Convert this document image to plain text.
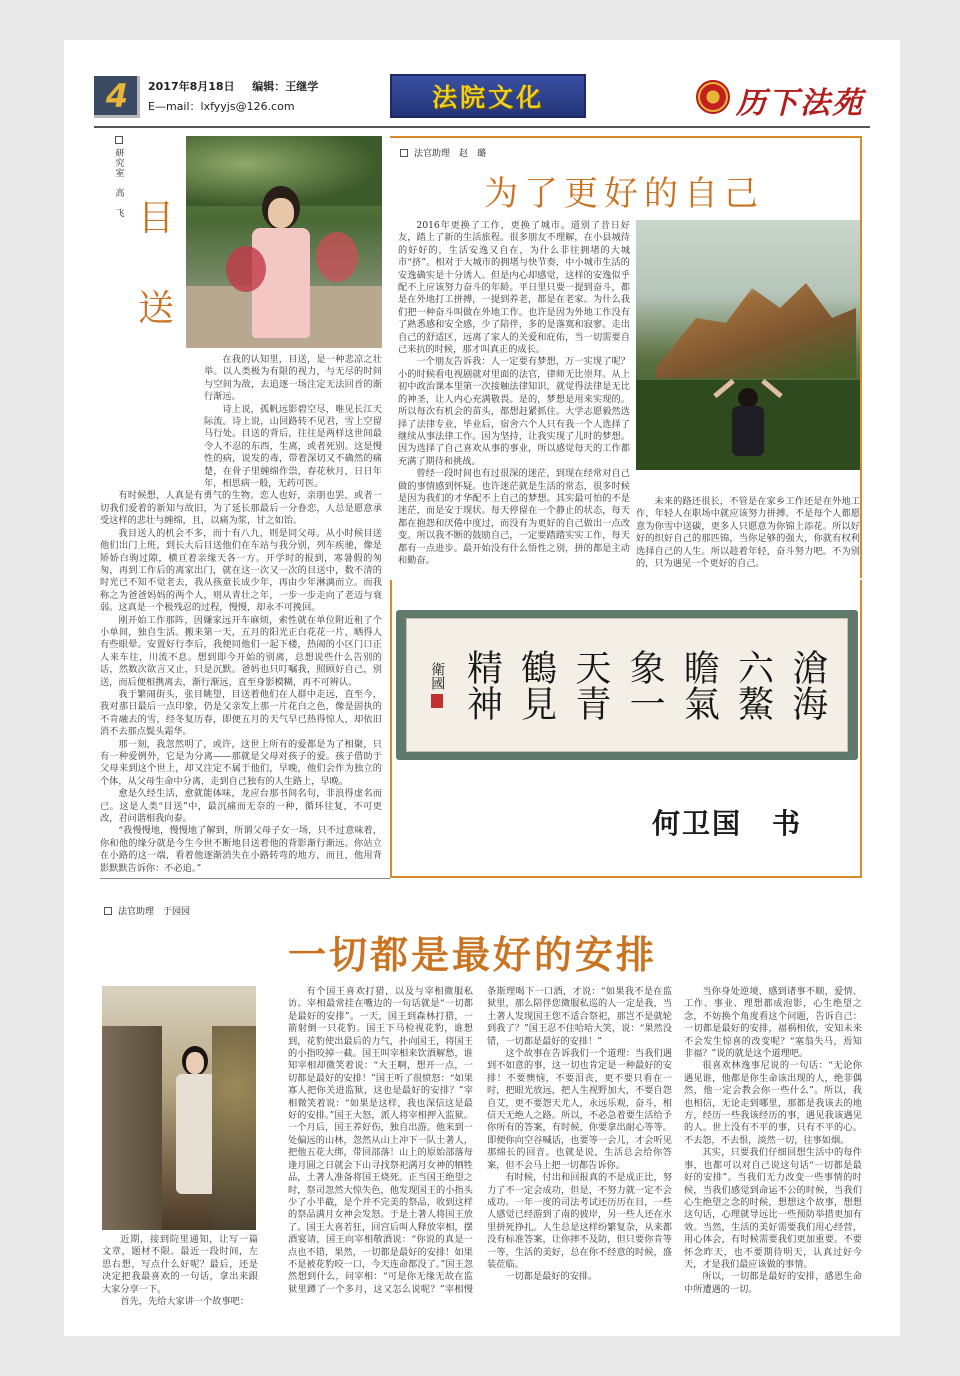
4	2017年8月18日 编辑：王继学
E—mail：lxfyyjs@126.com	法院文化	历下法苑
研究室　高　飞
目
送

在我的认知里，目送，是一种悲凉之壮举。以人类极为有限的视力，与无尽的时间与空间为敌，去追逐一场注定无法回首的渐行渐远。

诗上说，孤帆远影碧空尽，唯见长江天际流。诗上说，山回路转不见君，雪上空留马行处。目送的背后，往往是两样这世间最令人不忍的东西，生离，或者死别。这是慢性的病，说发的毒，带着深切又不确然的痛楚，在骨子里缠绵作祟，春花秋月，日日年年，相思病一般，无药可医。

有时候想，人真是有勇气的生物。恋人也好，亲朋也罢，或者一切我们爱着的新知与故旧，为了延长那最后一分眷恋，人总是愿意承受这样的悲壮与缠绵，且，以痛为浆，甘之如饴。

我目送人的机会不多，而十有八九，则是同父母。从小时候目送他们出门上班，到长大后目送他们在车站与我分别，列车疾驰，像是矫娇白驹过隙，横亘着亲缘天各一方。开学时的报到，寒暑假的匆匆，再到工作后的离家出门，就在这一次又一次的目送中，数不清的时光已不知不觉老去，我从孩童长成少年，再由少年淋漓而立。而我称之为爸爸妈妈的两个人，则从青壮之年，一步一步走向了老迈与衰弱。这真是一个极残忍的过程，慢慢，却永不可挽回。

刚开始工作那阵，因嫌家远开车麻烦，索性就在单位附近租了个小单间，独自生活。搬来第一天，五月的阳光正白花花一片，晒得人有些眼晕。安置好行李后，我便同他们一起下楼，热闹的小区门口正人来车往，川流不息。想到即今开始的别离，总想说些什么告别的话，然数次欲言又止，只是沉默。爸妈也只叮嘱我，照顾好自己，别送，而后便相携离去，渐行渐远，直至身影模糊，再不可辨认。

我于繁闹街头，张目眺望，目送着他们在人群中走远，直至今，我对那日最后一点印象，仍是父亲发上那一片花白之色，像是固执的不肯融去的雪，经冬复历春，即便五月的天气早已热得惊人，却依旧消不去那点鬓头霜华。

那一刻，我忽然明了，或许，这世上所有的爱都是为了相聚，只有一种爱例外，它是为分离——那就是父母对孩子的爱。孩子借助于父母来到这个世上，却又注定不属于他们，早晚，他们会作为独立的个体，从父母生命中分离，走到自己独有的人生路上，早晚。

愈是久经生活，愈就能体味，龙应台那书间名句，非浪得虚名而已。这是人类“目送”中，最沉痛而无奈的一种，循环往复，不可更改，君问谐相我向泰。

“我慢慢地，慢慢地了解到，所谓父母子女一场，只不过意味着，你和他的缘分就是今生今世不断地目送着他的背影渐行渐远。你站立在小路的这一端，看着他逐渐消失在小路转弯的地方，而且，他用背影默默告诉你：不必追。”

法官助理　赵　璐
为了更好的自己

2016年更换了工作，更换了城市。道别了昔日好友，踏上了新的生活旅程。很多朋友不理解，在小县城待的好好的，生活安逸又自在，为什么非往拥堵的大城市“挤”。相对于大城市的拥堵与快节奏，中小城市生活的安逸确实是十分诱人。但是内心却感觉，这样的安逸似乎配不上应该努力奋斗的年龄。平日里只要一提到奋斗，都是在外地打工拼搏，一提到养老，都是在老家。为什么我们把一种奋斗叫做在外地工作。也许是因为外地工作没有了熟悉感和安全感，少了陪伴，多的是落寞和寂寥。走出自己的舒适区，远离了家人的关爱和庇佑，当一切需要自己来抗的时候，那才叫真正的成长。

一个朋友告诉我：人一定要有梦想，万一实现了呢？小的时候看电视剧就对里面的法官，律师无比崇拜。从上初中政治课本里第一次接触法律知识，就觉得法律是无比的神圣，让人内心充满敬畏。是的，梦想是用来实现的。所以每次有机会的苗头，都想赶紧抓住。大学志愿毅然选择了法律专业，毕业后，宿舍六个人只有我一个人选择了继续从事法律工作。因为坚持，让我实现了儿时的梦想。因为选择了自己喜欢从事的事业，所以感觉每天的工作都充满了期待和挑战。

曾经一段时间也有过很深的迷茫，到现在经常对自己做的事情感到怀疑。也许迷茫就是生活的常态，很多时候是因为我们的才华配不上自己的梦想。其实最可怕的不是迷茫，而是安于现状。每天停留在一个静止的状态，每天都在抱怨和厌倦中度过，而没有为更好的自己做出一点改变。所以我不断的鼓励自己，一定要踏踏实实工作，每天都有一点进步。最开始没有什么悟性之别，拼的都是主动和勤奋。

未来的路还很长，不管是在家乡工作还是在外地工作，年轻人在职场中就应该努力拼搏。不是每个人都愿意为你雪中送碳，更多人只愿意为你锦上添花。所以好好的织好自己的那匹锦，当你足够的强大，你就有权利选择自己的人生。所以趁着年轻，奋斗努力吧。不为别的，只为遇见一个更好的自己。

滄海
六鰲
瞻氣
象一
天青
鶴見
精神
衛國
何卫国　书
法官助理　于园园
一切都是最好的安排

近期，接到院里通知，让写一篇文章，题材不限。最近一段时间，左思右想，写点什么好呢？最后，还是决定把我最喜欢的一句话，拿出来跟大家分享一下。

首先，先给大家讲一个故事吧：

有个国王喜欢打猎，以及与宰相微服私访。宰相最常挂在嘴边的一句话就是“一切都是最好的安排”。一天，国王到森林打猎，一箭射倒一只花豹。国王下马检视花豹，谁想到，花豹使出最后的力气，扑向国王，将国王的小指咬掉一截。国王叫宰相来饮酒解愁，谁知宰相却微笑着说：“大王啊，想开一点，一切都是最好的安排！”国王听了很愤怒：“如果寡人把你关进监狱，这也是最好的安排？”宰相微笑着说：“如果是这样，我也深信这是最好的安排。”国王大怒，派人将宰相押入监狱。一个月后，国王养好伤，独自出游。他来到一处偏远的山林，忽然从山上冲下一队土著人，把他五花大绑，带回部落！山上的原始部落每逢月圆之日就会下山寻找祭祀满月女神的牺牲品，土著人准备将国王烧死。正当国王绝望之时，祭司忽然大惊失色，他发现国王的小指头少了小半截，是个并不完美的祭品，收到这样的祭品满月女神会发怒。于是土著人将国王放了。国王大喜若狂，回宫后叫人释放宰相，摆酒宴请，国王向宰相敬酒说：“你说的真是一点也不错，果然，一切都是最好的安排！如果不是被花豹咬一口，今天连命都没了。”国王忽然想到什么，问宰相：“可是你无缘无故在监狱里蹲了一个多月，这又怎么说呢？”宰相慢条斯理喝下一口酒，才说：“如果我不是在监狱里，那么陪伴您微服私巡的人一定是我，当土著人发现国王您不适合祭祀，那岂不是就轮到我了？”国王忍不住哈哈大笑，说：“果然没错，一切都是最好的安排！”

这个故事在告诉我们一个道理：当我们遇到不如意的事，这一切也肯定是一种最好的安排！不要懊恼，不要泪丧，更不要只看在一时，把眼光放远，把人生视野加大，不要自怨自艾，更不要怨天尤人，永远乐观，奋斗，相信天无绝人之路。所以，不必急着要生活给予你所有的答案，有时候，你要拿出耐心等等。即便你向空谷喊话，也要等一会儿，才会听见那绵长的回音。也就是说，生活总会给你答案，但不会马上把一切都告诉你。

有时候，付出和回报真的不是成正比，努力了不一定会成功，但是，不努力就一定不会成功。一年一度的司法考试还历历在目，一些人感觉已经游到了南的彼岸，另一些人还在水里拼死挣扎。人生总是这样纷繁复杂，从来都没有标准答案，让你摔不及防，但只要你肯等一等，生活的美好，总在你不经意的时候，盛装莅临。

一切都是最好的安排。

当你身处逆境，感到诸事不顺，爱情、工作、事业、理想都成泡影，心生绝望之念，不妨换个角度看这个问题，告诉自己：一切都是最好的安排，福祸相依，安知未来不会发生惊喜的改变呢？“塞翁失马，焉知非福？”说的就是这个道理吧。

很喜欢林逸事尼说的一句话：“无论你遇见谁，他都是你生命该出现的人，绝非偶然，他一定会教会你一些什么”。所以，我也相信，无论走到哪里，那都是我该去的地方，经历一些我该经历的事，遇见我该遇见的人。世上没有不平的事，只有不平的心。不去怨，不去恨，淡然一切，往事如烟。

其实，只要我们仔细回想生活中的每件事，也都可以对自己说这句话“一切都是最好的安排”。当我们无力改变一些事情的时候，当我们感觉到命运不公的时候，当我们心生绝望之念的时候，想想这个故事，想想这句话，心理就导远比一些预防举措更加有效。当然，生活的美好需要我们用心经营，用心体会，有时候需要我们更加重要。不要怀念昨天，也不要期待明天，认真过好今天，才是我们最应该做的事情。

所以，一切都是最好的安排，感恩生命中所遭遇的一切。
